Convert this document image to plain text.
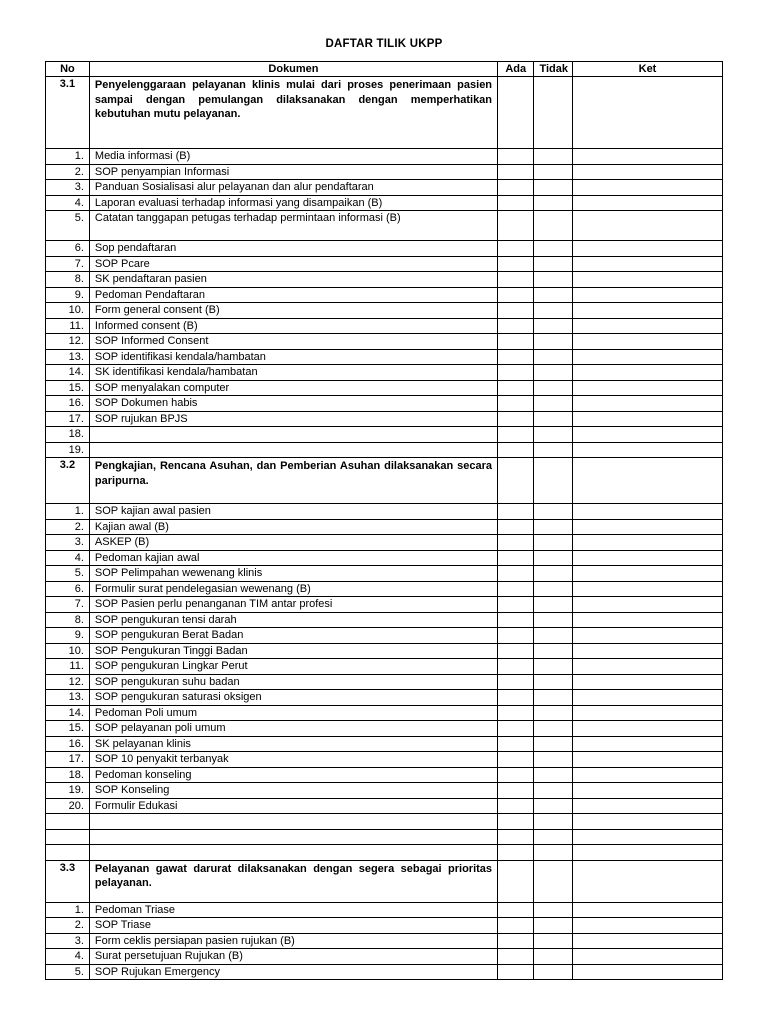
DAFTAR TILIK UKPP
No	Dokumen	Ada	Tidak	Ket
3.1	Penyelenggaraan pelayanan klinis mulai dari proses penerimaan pasien sampai dengan pemulangan dilaksanakan dengan memperhatikan kebutuhan mutu pelayanan.			
1.	Media informasi (B)			
2.	SOP penyampian Informasi			
3.	Panduan Sosialisasi alur pelayanan dan alur pendaftaran			
4.	Laporan evaluasi terhadap informasi yang disampaikan (B)			
5.	Catatan tanggapan petugas terhadap permintaan informasi (B)			
6.	Sop pendaftaran			
7.	SOP Pcare			
8.	SK pendaftaran pasien			
9.	Pedoman Pendaftaran			
10.	Form general consent (B)			
11.	Informed consent (B)			
12.	SOP Informed Consent			
13.	SOP identifikasi kendala/hambatan			
14.	SK identifikasi kendala/hambatan			
15.	SOP menyalakan computer			
16.	SOP Dokumen habis			
17.	SOP rujukan BPJS			
18.				
19.				
3.2	Pengkajian, Rencana Asuhan, dan Pemberian Asuhan dilaksanakan secara paripurna.			
1.	SOP kajian awal pasien			
2.	Kajian awal (B)			
3.	ASKEP (B)			
4.	Pedoman kajian awal			
5.	SOP Pelimpahan wewenang klinis			
6.	Formulir surat pendelegasian wewenang (B)			
7.	SOP Pasien perlu penanganan TIM antar profesi			
8.	SOP pengukuran tensi darah			
9.	SOP pengukuran Berat Badan			
10.	SOP Pengukuran Tinggi Badan			
11.	SOP pengukuran Lingkar Perut			
12.	SOP pengukuran suhu badan			
13.	SOP pengukuran saturasi oksigen			
14.	Pedoman Poli umum			
15.	SOP pelayanan poli umum			
16.	SK pelayanan klinis			
17.	SOP 10 penyakit terbanyak			
18.	Pedoman konseling			
19.	SOP Konseling			
20.	Formulir Edukasi			

3.3	Pelayanan gawat darurat dilaksanakan dengan segera sebagai prioritas pelayanan.			
1.	Pedoman Triase			
2.	SOP Triase			
3.	Form ceklis persiapan pasien rujukan (B)			
4.	Surat persetujuan Rujukan (B)			
5.	SOP Rujukan Emergency			
